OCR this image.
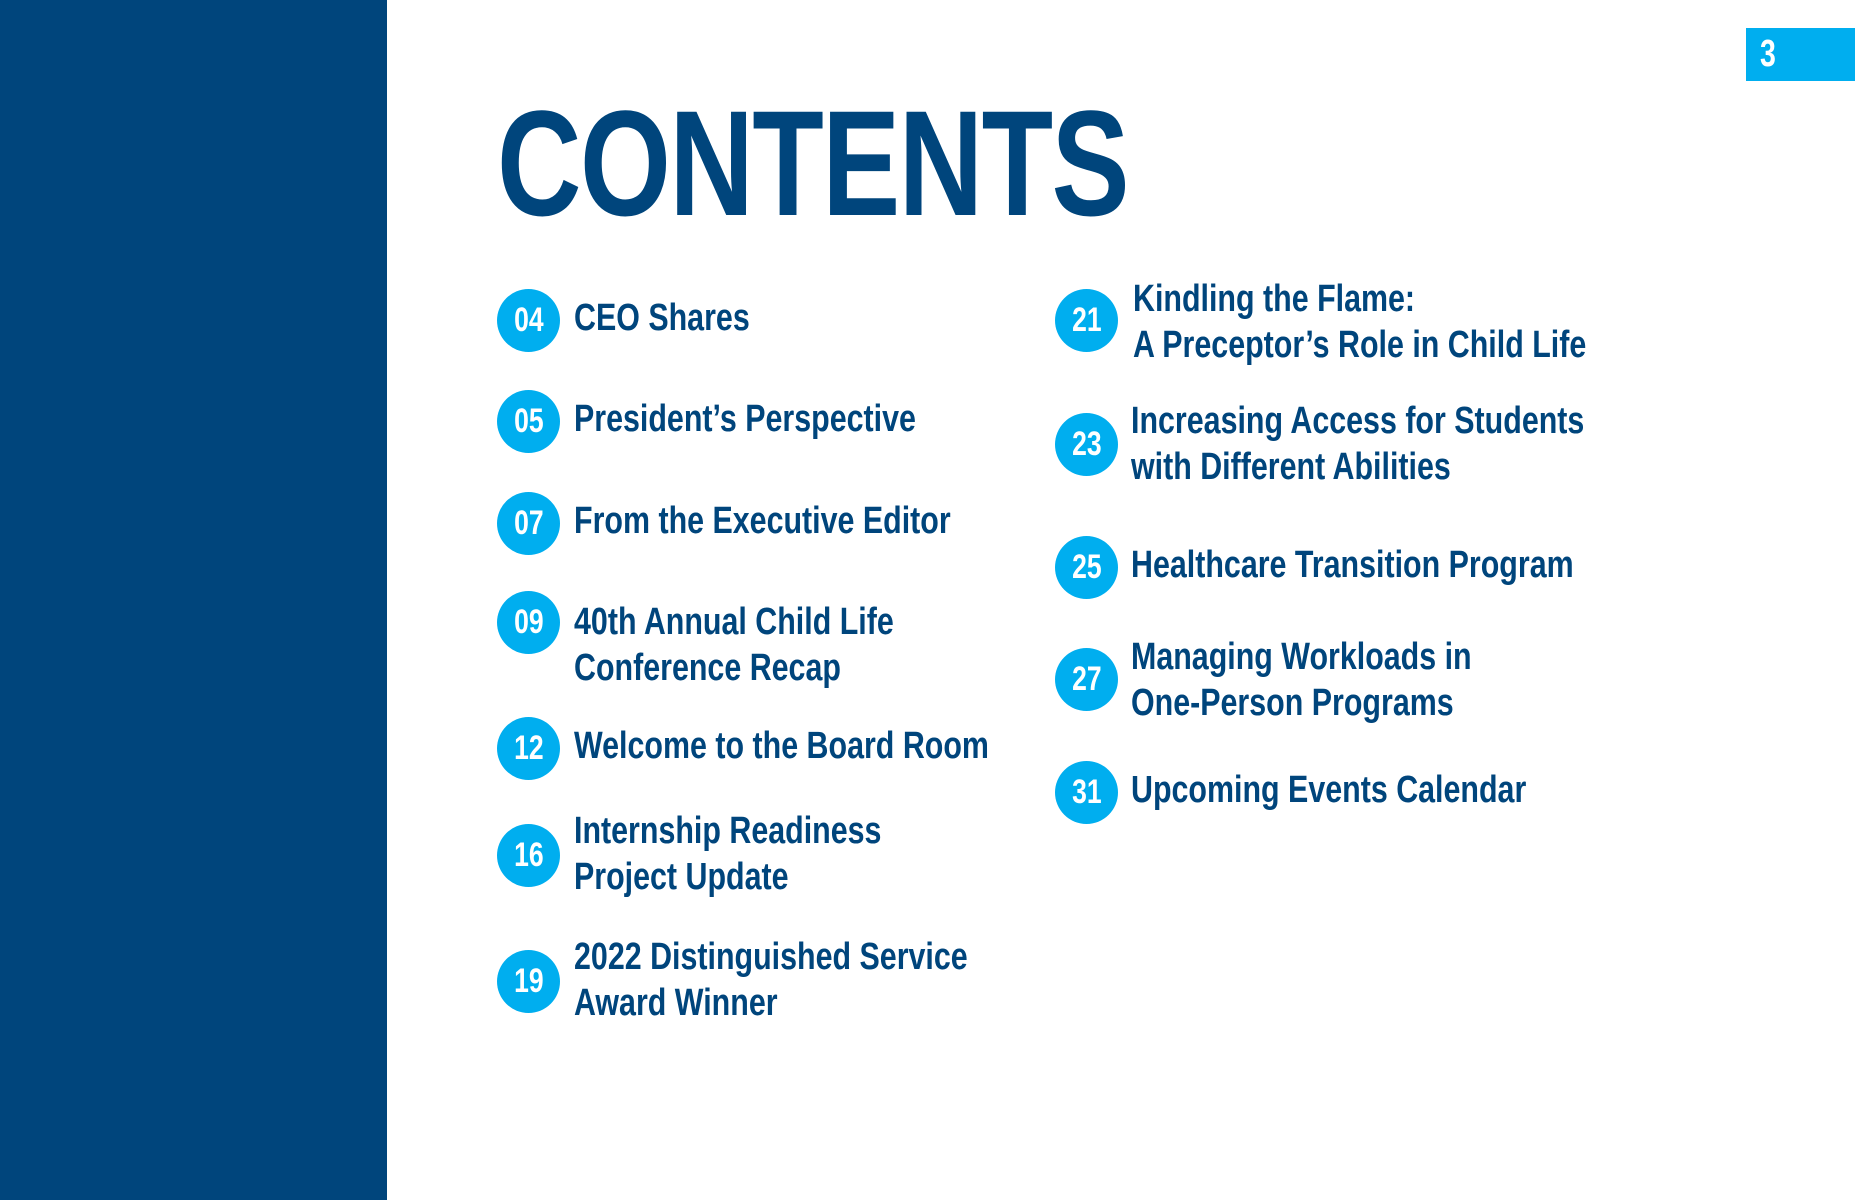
3
CONTENTS
04 CEO Shares
05 President’s Perspective
07 From the Executive Editor
09 40th Annual Child Life
Conference Recap
12 Welcome to the Board Room
16
Internship Readiness
Project Update
19
2022 Distinguished Service
Award Winner
21 Kindling the Flame:
A Preceptor’s Role in Child Life
23
Increasing Access for Students
with Different Abilities
25 Healthcare Transition Program
27
Managing Workloads in
One-Person Programs
31 Upcoming Events Calendar
